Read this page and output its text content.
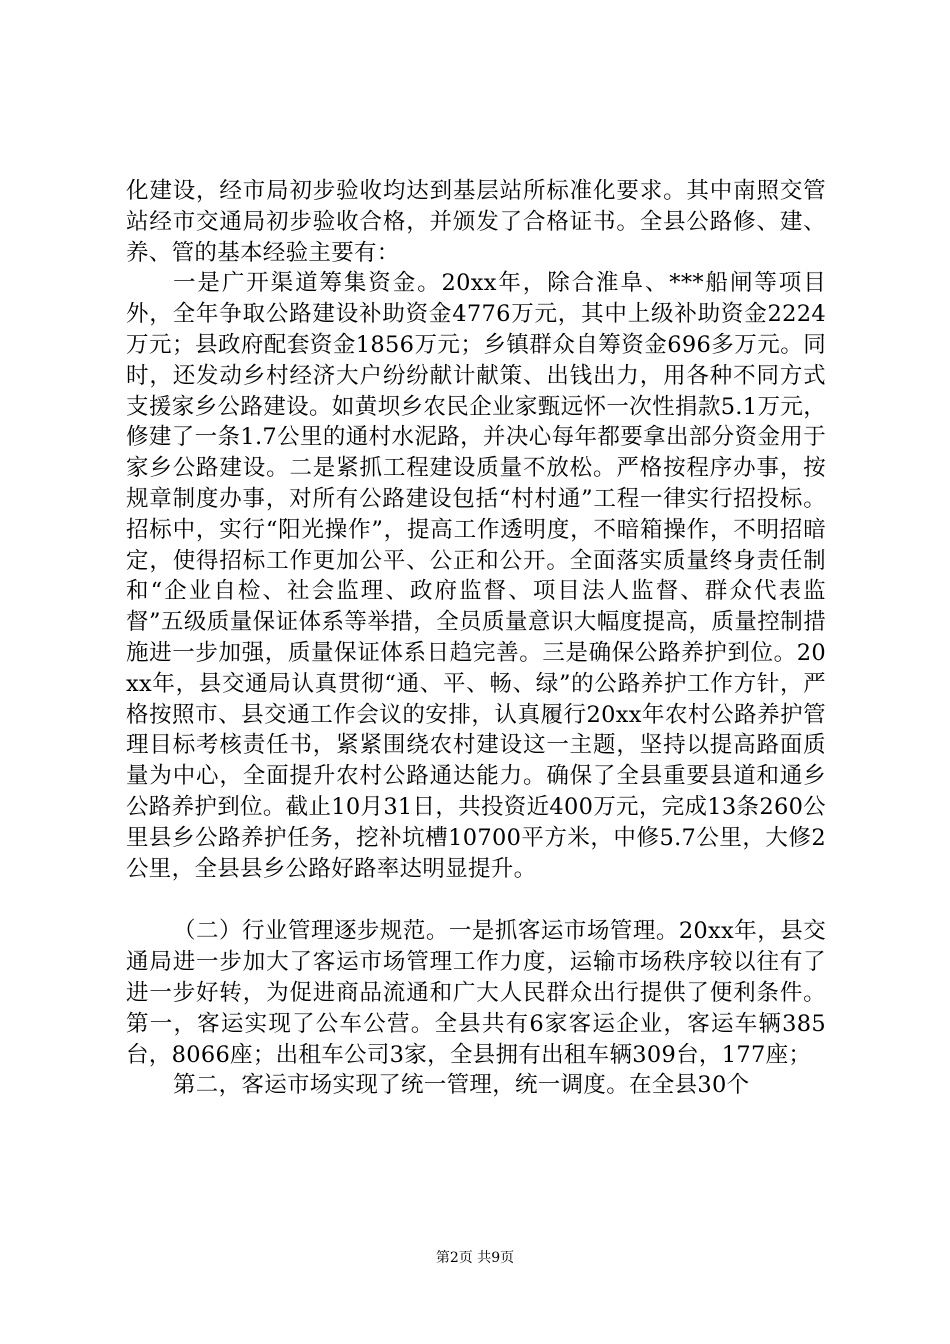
化建设，经市局初步验收均达到基层站所标准化要求。其中南照交管站经市交通局初步验收合格，并颁发了合格证书。全县公路修、建、养、管的基本经验主要有：

一是广开渠道筹集资金。20xx年，除合淮阜、***船闸等项目外，全年争取公路建设补助资金4776万元，其中上级补助资金2224万元；县政府配套资金1856万元；乡镇群众自筹资金696多万元。同时，还发动乡村经济大户纷纷献计献策、出钱出力，用各种不同方式支援家乡公路建设。如黄坝乡农民企业家甄远怀一次性捐款5.1万元，修建了一条1.7公里的通村水泥路，并决心每年都要拿出部分资金用于家乡公路建设。二是紧抓工程建设质量不放松。严格按程序办事，按规章制度办事，对所有公路建设包括“村村通”工程一律实行招投标。招标中，实行“阳光操作”，提高工作透明度，不暗箱操作，不明招暗定，使得招标工作更加公平、公正和公开。全面落实质量终身责任制和“企业自检、社会监理、政府监督、项目法人监督、群众代表监督”五级质量保证体系等举措，全员质量意识大幅度提高，质量控制措施进一步加强，质量保证体系日趋完善。三是确保公路养护到位。20xx年，县交通局认真贯彻“通、平、畅、绿”的公路养护工作方针，严格按照市、县交通工作会议的安排，认真履行20xx年农村公路养护管理目标考核责任书，紧紧围绕农村建设这一主题，坚持以提高路面质量为中心，全面提升农村公路通达能力。确保了全县重要县道和通乡公路养护到位。截止10月31日，共投资近400万元，完成13条260公里县乡公路养护任务，挖补坑槽10700平方米，中修5.7公里，大修2公里，全县县乡公路好路率达明显提升。

（二）行业管理逐步规范。一是抓客运市场管理。20xx年，县交通局进一步加大了客运市场管理工作力度，运输市场秩序较以往有了进一步好转，为促进商品流通和广大人民群众出行提供了便利条件。第一，客运实现了公车公营。全县共有6家客运企业，客运车辆385台，8066座；出租车公司3家，全县拥有出租车辆309台，177座；

第二，客运市场实现了统一管理，统一调度。在全县30个

第2页 共9页
